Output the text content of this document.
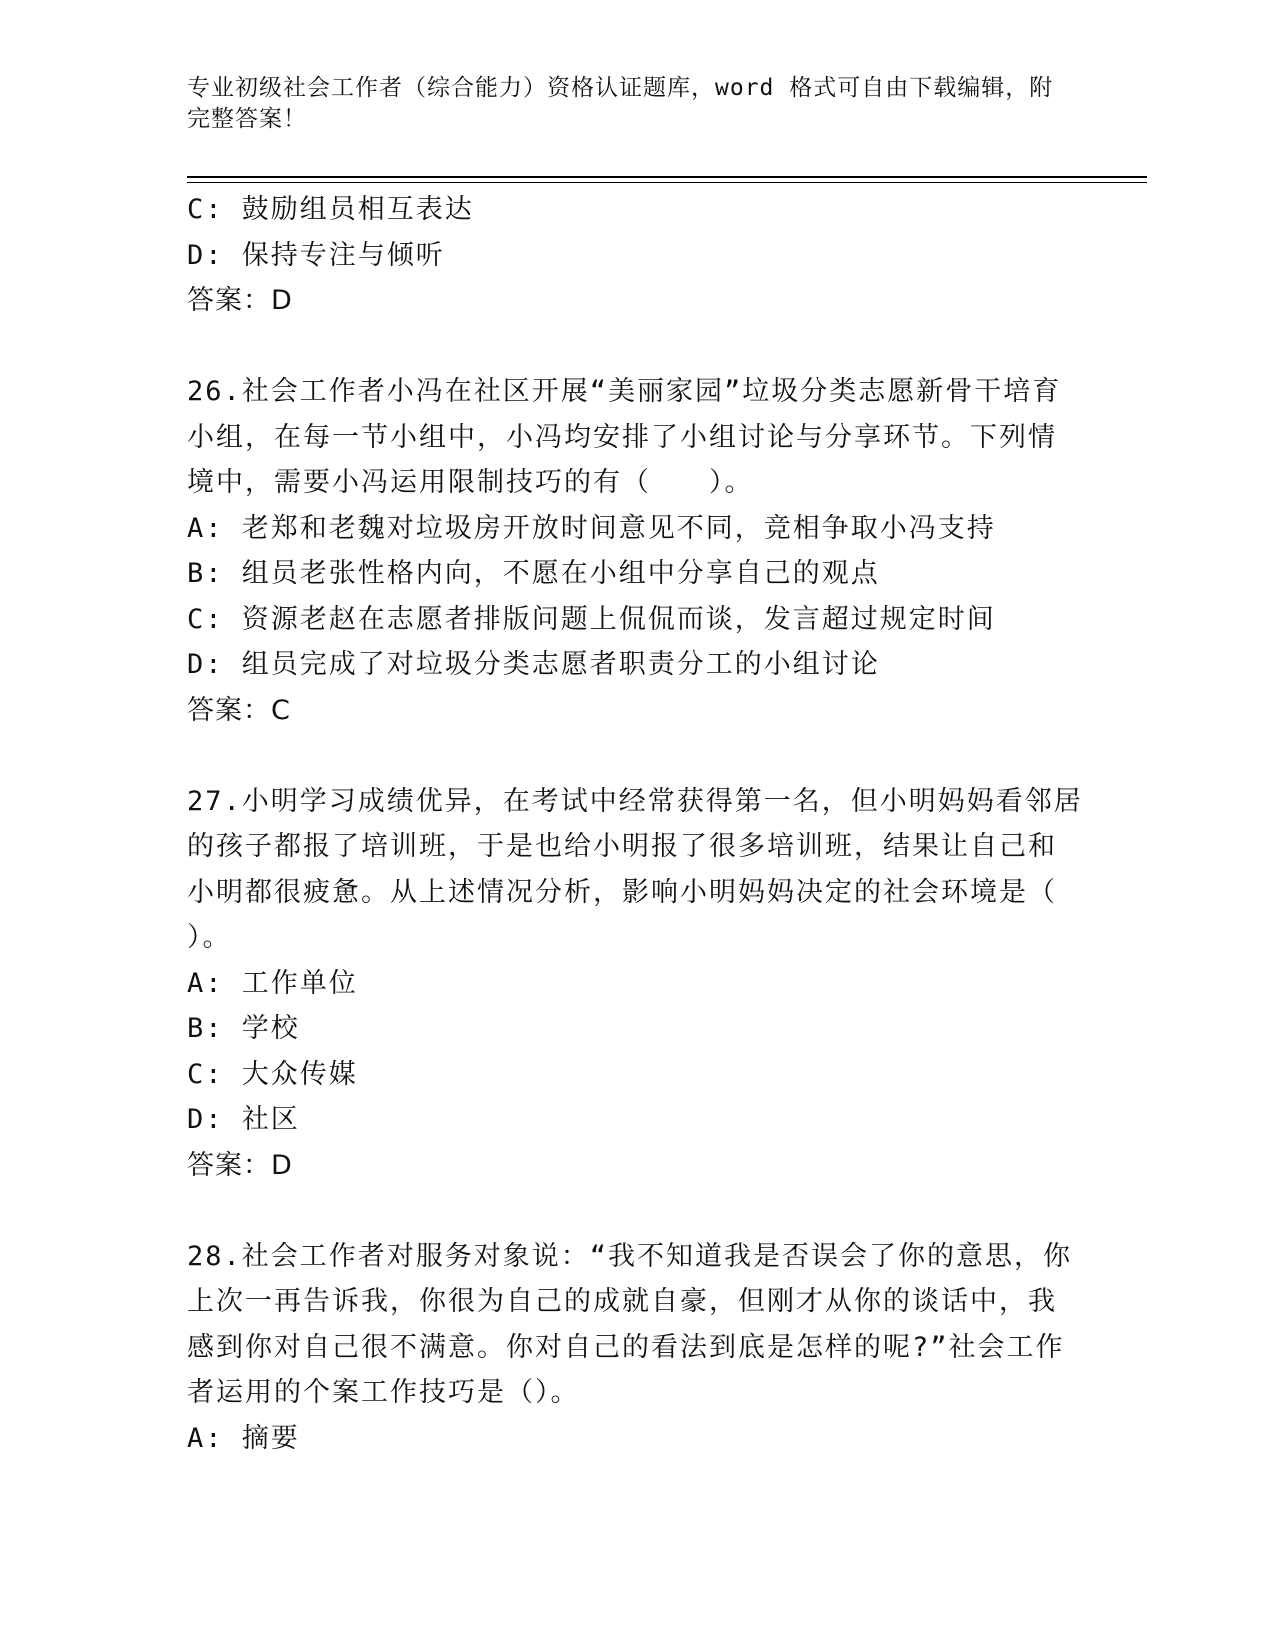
专业初级社会工作者（综合能力）资格认证题库，word 格式可自由下载编辑，附
完整答案！
C: 鼓励组员相互表达
D: 保持专注与倾听
答案：D
26.社会工作者小冯在社区开展“美丽家园”垃圾分类志愿新骨干培育
小组，在每一节小组中，小冯均安排了小组讨论与分享环节。下列情
境中，需要小冯运用限制技巧的有（　　）。
A: 老郑和老魏对垃圾房开放时间意见不同，竞相争取小冯支持
B: 组员老张性格内向，不愿在小组中分享自己的观点
C: 资源老赵在志愿者排版问题上侃侃而谈，发言超过规定时间
D: 组员完成了对垃圾分类志愿者职责分工的小组讨论
答案：C
27.小明学习成绩优异，在考试中经常获得第一名，但小明妈妈看邻居
的孩子都报了培训班，于是也给小明报了很多培训班，结果让自己和
小明都很疲惫。从上述情况分析，影响小明妈妈决定的社会环境是（
）。
A: 工作单位
B: 学校
C: 大众传媒
D: 社区
答案：D
28.社会工作者对服务对象说：“我不知道我是否误会了你的意思，你
上次一再告诉我，你很为自己的成就自豪，但刚才从你的谈话中，我
感到你对自己很不满意。你对自己的看法到底是怎样的呢?”社会工作
者运用的个案工作技巧是（）。
A: 摘要
